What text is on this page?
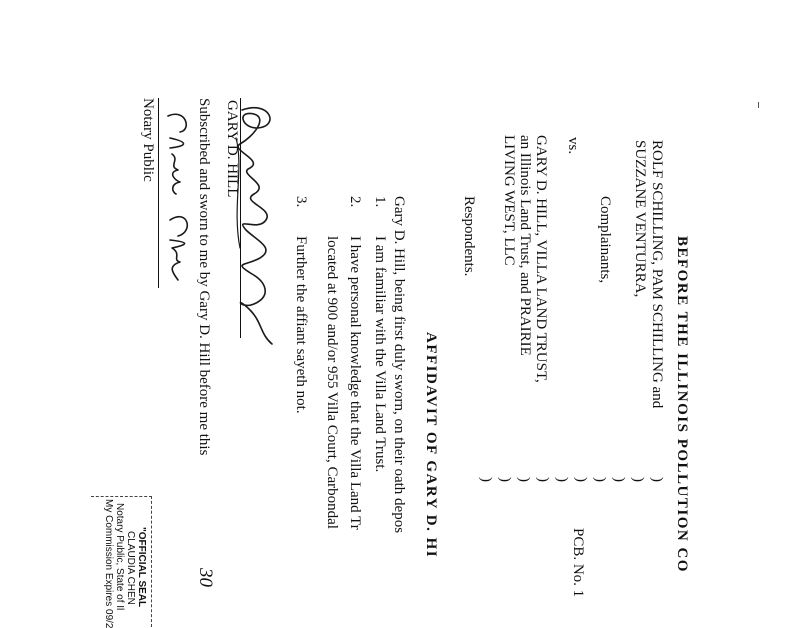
BEFORE THE ILLINOIS POLLUTION CO
ROLF SCHILLING, PAM SCHILLING and
SUZZANE VENTURRA,
Complainants,
vs.
GARY D. HILL, VILLA LAND TRUST,
an Illinois Land Trust, and PRAIRIE
LIVING WEST, LLC
Respondents.
)
)
)
)
)
)
)
)
)
)
PCB. No. 1
AFFIDAVIT OF GARY D. HI
Gary D. Hill, being first duly sworn, on their oath depos
1.
I am familiar with the Villa Land Trust.
2.
I have personal knowledge that the Villa Land Tr
located at 900 and/or 955 Villa Court, Carbondal
3.
Further the affiant sayeth not.
GARY D. HILL
Subscribed and sworn to me by Gary D. Hill before me this
30
Notary Public
"OFFICIAL SEAL
CLAUDIA CHEN
Notary Public, State of Il
My Commission Expires 09/2
